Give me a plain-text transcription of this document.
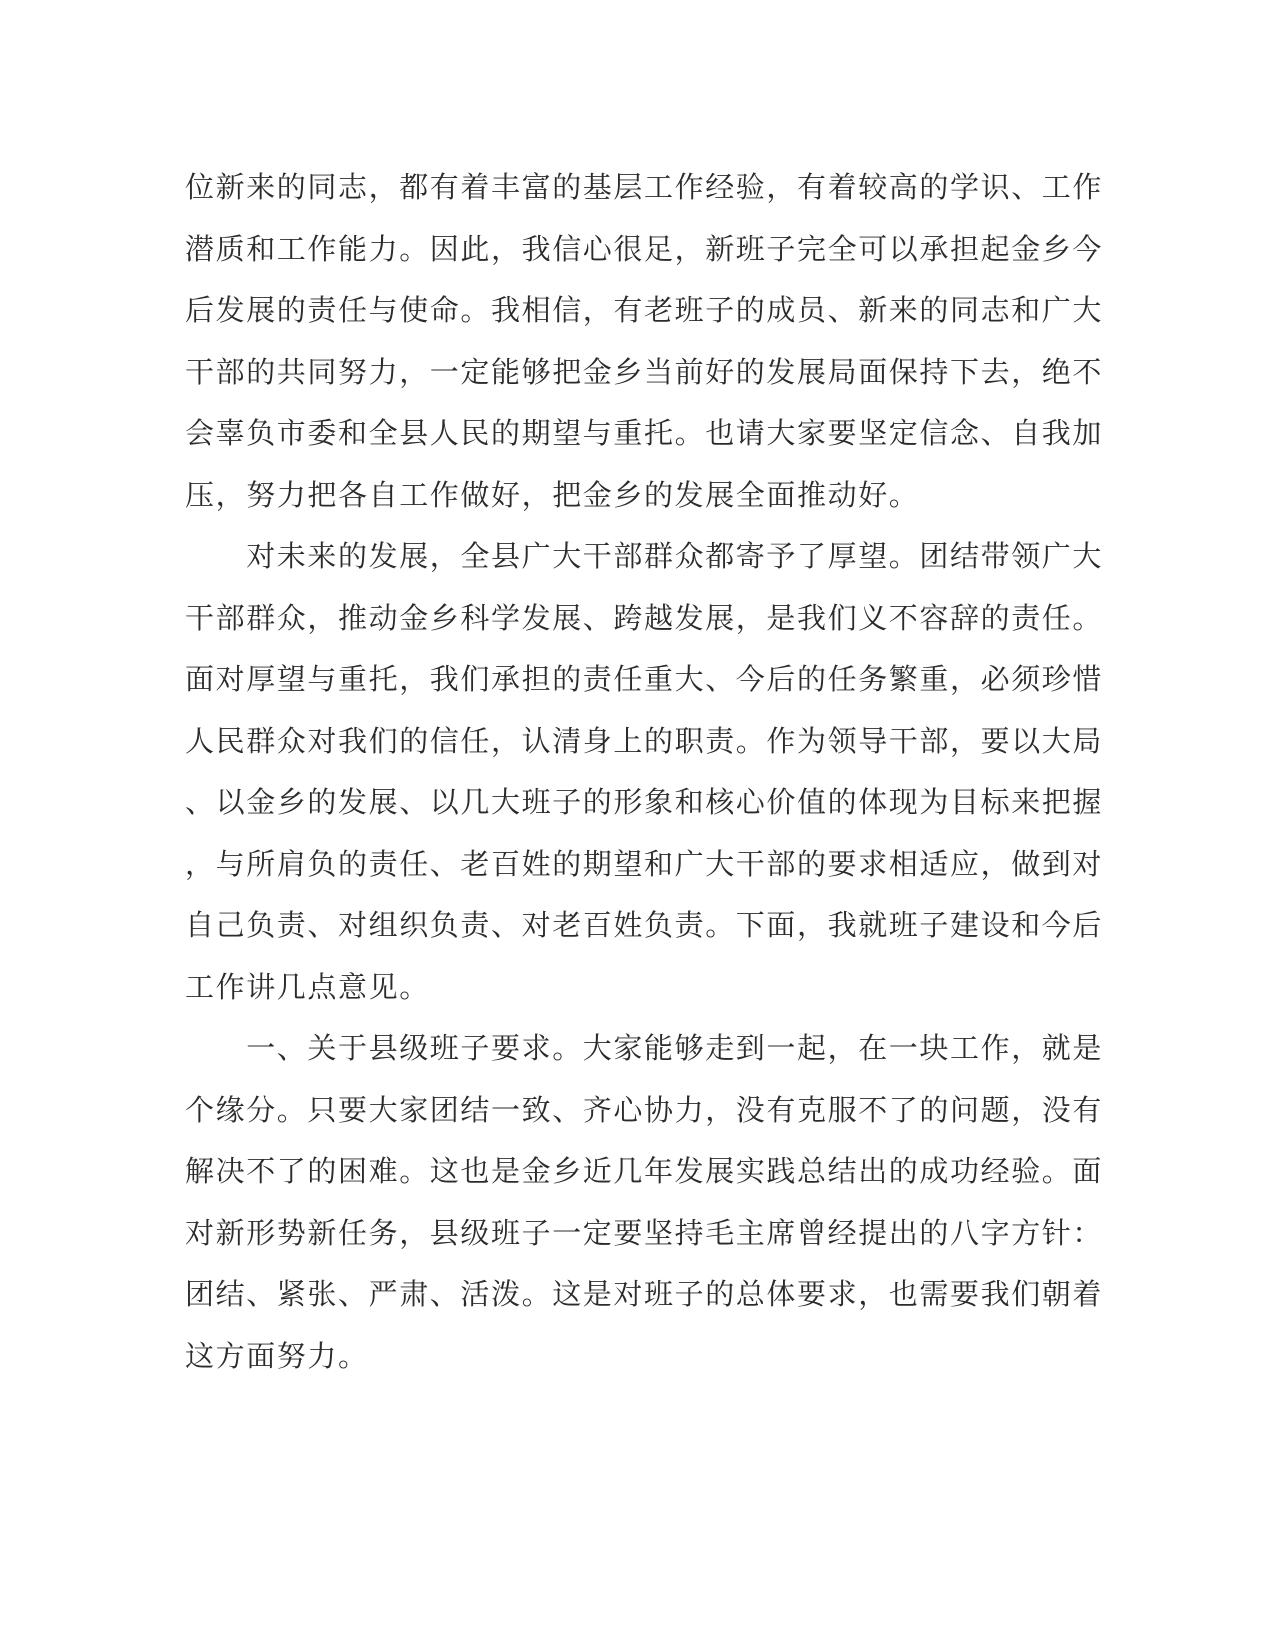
位新来的同志，都有着丰富的基层工作经验，有着较高的学识、工作
潜质和工作能力。因此，我信心很足，新班子完全可以承担起金乡今
后发展的责任与使命。我相信，有老班子的成员、新来的同志和广大
干部的共同努力，一定能够把金乡当前好的发展局面保持下去，绝不
会辜负市委和全县人民的期望与重托。也请大家要坚定信念、自我加
压，努力把各自工作做好，把金乡的发展全面推动好。
　　对未来的发展，全县广大干部群众都寄予了厚望。团结带领广大
干部群众，推动金乡科学发展、跨越发展，是我们义不容辞的责任。
面对厚望与重托，我们承担的责任重大、今后的任务繁重，必须珍惜
人民群众对我们的信任，认清身上的职责。作为领导干部，要以大局
、以金乡的发展、以几大班子的形象和核心价值的体现为目标来把握
，与所肩负的责任、老百姓的期望和广大干部的要求相适应，做到对
自己负责、对组织负责、对老百姓负责。下面，我就班子建设和今后
工作讲几点意见。
　　一、关于县级班子要求。大家能够走到一起，在一块工作，就是
个缘分。只要大家团结一致、齐心协力，没有克服不了的问题，没有
解决不了的困难。这也是金乡近几年发展实践总结出的成功经验。面
对新形势新任务，县级班子一定要坚持毛主席曾经提出的八字方针：
团结、紧张、严肃、活泼。这是对班子的总体要求，也需要我们朝着
这方面努力。
